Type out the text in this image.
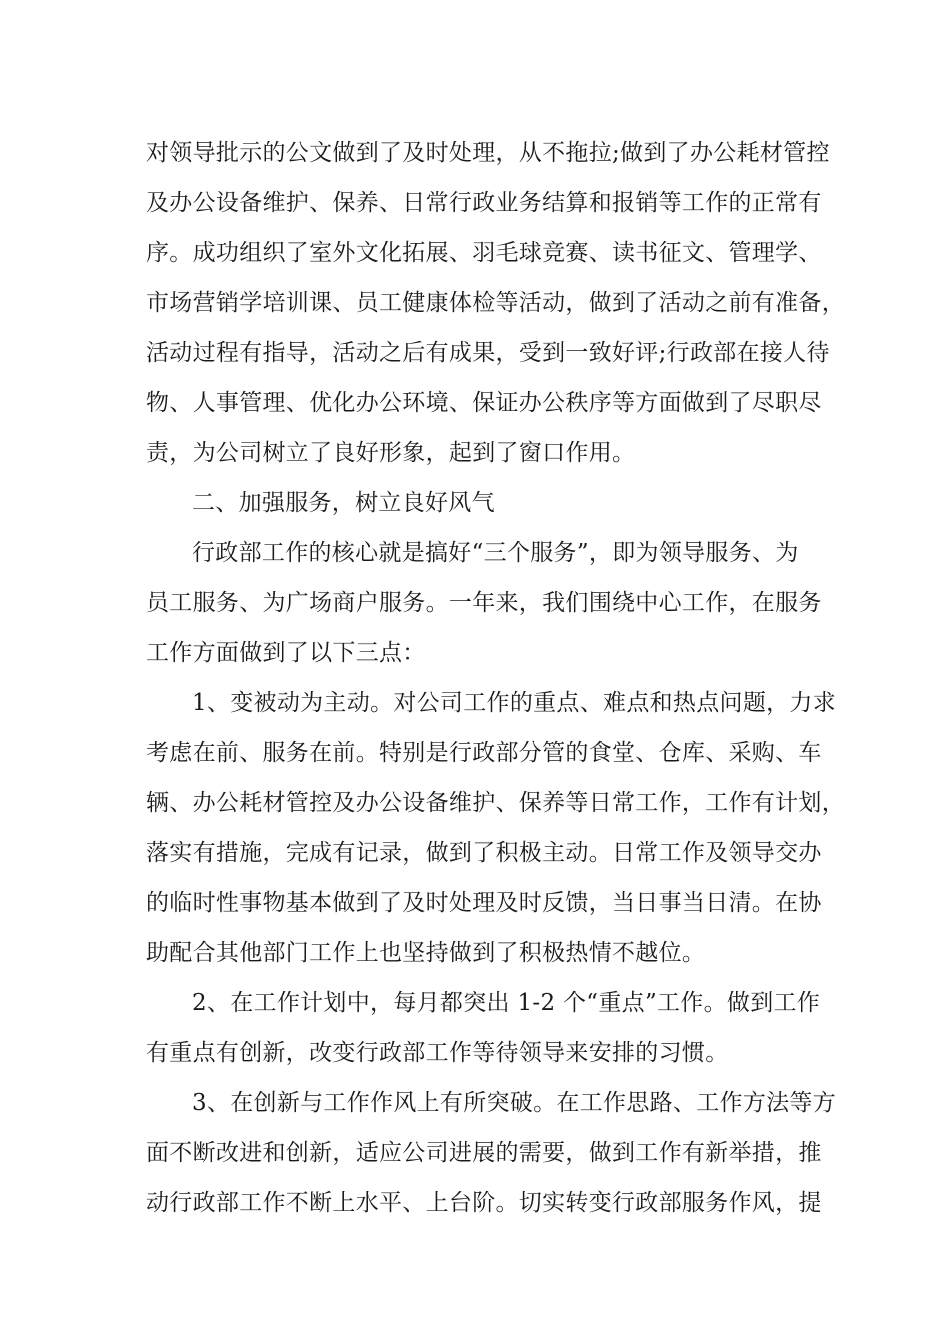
对领导批示的公文做到了及时处理，从不拖拉;做到了办公耗材管控
及办公设备维护、保养、日常行政业务结算和报销等工作的正常有
序。成功组织了室外文化拓展、羽毛球竞赛、读书征文、管理学、
市场营销学培训课、员工健康体检等活动，做到了活动之前有准备，
活动过程有指导，活动之后有成果，受到一致好评;行政部在接人待
物、人事管理、优化办公环境、保证办公秩序等方面做到了尽职尽
责，为公司树立了良好形象，起到了窗口作用。
二、加强服务，树立良好风气
行政部工作的核心就是搞好“三个服务”，即为领导服务、为
员工服务、为广场商户服务。一年来，我们围绕中心工作，在服务
工作方面做到了以下三点：
1、变被动为主动。对公司工作的重点、难点和热点问题，力求
考虑在前、服务在前。特别是行政部分管的食堂、仓库、采购、车
辆、办公耗材管控及办公设备维护、保养等日常工作，工作有计划，
落实有措施，完成有记录，做到了积极主动。日常工作及领导交办
的临时性事物基本做到了及时处理及时反馈，当日事当日清。在协
助配合其他部门工作上也坚持做到了积极热情不越位。
2、在工作计划中，每月都突出 1-2 个“重点”工作。做到工作
有重点有创新，改变行政部工作等待领导来安排的习惯。
3、在创新与工作作风上有所突破。在工作思路、工作方法等方
面不断改进和创新，适应公司进展的需要，做到工作有新举措，推
动行政部工作不断上水平、上台阶。切实转变行政部服务作风，提
